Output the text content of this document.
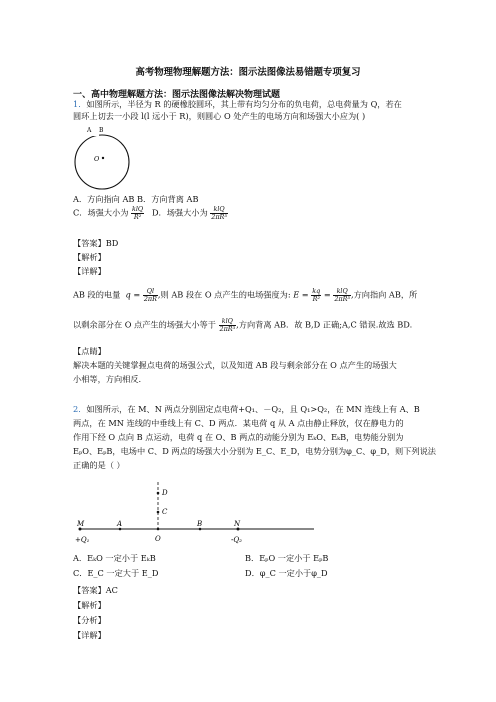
高考物理物理解题方法：图示法图像法易错题专项复习
一、高中物理解题方法：图示法图像法解决物理试题
1．如图所示，半径为 R 的硬橡胶圆环，其上带有均匀分布的负电荷，总电荷量为 Q，若在
圆环上切去一小段 l(l 远小于 R)，则圆心 O 处产生的电场方向和场强大小应为( )
A B
O
A．方向指向 AB B．方向背离 AB
C．场强大小为 $\frac{\text{klQ}}{\text{R²}}$ D．场强大小为 $\frac{\text{klQ}}{\text{2πR³}}$
【答案】BD
【解析】
【详解】
AB 段的电量 $q = \frac{Ql}{2\pi R}$ ,则 AB 段在 O 点产生的电场强度为: $E = \frac{kq}{\text{R²}} = \frac{\text{klQ}}{\text{2πR³}}$ ,方向指向 AB，所
以剩余部分在 O 点产生的场强大小等于 $\frac{\text{klQ}}{\text{2πR³}}$ ,方向背离 AB．故 B,D 正确;A,C 错误.故选 BD.
【点睛】
解决本题的关键掌握点电荷的场强公式，以及知道 AB 段与剩余部分在 O 点产生的场强大
小相等，方向相反.
2．如图所示，在 M、N 两点分别固定点电荷+Q₁、－Q₂，且 Q₁>Q₂，在 MN 连线上有 A、B
两点，在 MN 连线的中垂线上有 C、D 两点．某电荷 q 从 A 点由静止释放，仅在静电力的
作用下经 O 点向 B 点运动，电荷 q 在 O、B 两点的动能分别为 EₖO、EₖB，电势能分别为
EₚO、EₚB，电场中 C、D 两点的场强大小分别为 E_C、E_D，电势分别为φ_C、φ_D，则下列说法
正确的是（ ）
M	A
O
B	N
C
D
+Q₁	-Q₂
A．EₖO 一定小于 EₖB	B．EₚO 一定小于 EₚB
C．E_C 一定大于 E_D	D．φ_C 一定小于φ_D
【答案】AC
【解析】
【分析】
【详解】
